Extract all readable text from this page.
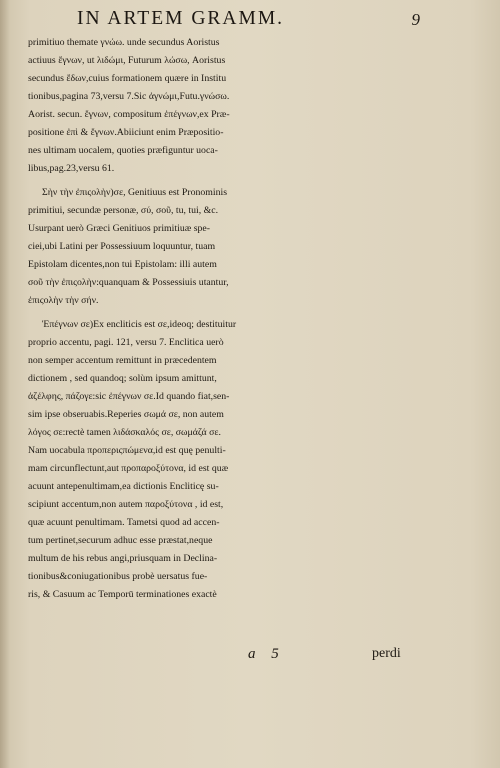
IN ARTEM GRAMM.	9
primitiuo themate γνώω. unde secundus Aoristus
actiuus ἔγνων, ut λιδώμι, Futurum λώσω, Aoristus
secundus ἔδων,cuius formationem quære in Institu
tionibus,pagina 73,versu 7.Sic ἀγνώμι,Futu.γνώσω.
Aorist. secun. ἔγνων, compositum ἐπέγνων,ex Præ-
positione ἐπὶ & ἔγνων.Abiiciunt enim Præpositio-
nes ultimam uocalem, quoties præfiguntur uoca-
libus,pag.23,versu 61.
Σὴν τὴν ἐπιςολὴν)σε, Genitiuus est Pronominis
primitiui, secundæ personæ, σύ, σοῦ, tu, tui, &c.
Usurpant uerò Græci Genitiuos primitiuæ spe-
ciei,ubi Latini per Possessiuum loquuntur, tuam
Epistolam dicentes,non tui Epistolam: illi autem
σοῦ τὴν ἐπιςολὴν:quanquam & Possessiuis utantur,
ἐπιςολὴν τὴν σήν.
Ἐπέγνων σε)Ex encliticis est σε,ideoq; destituitur
proprio accentu, pagi. 121, versu 7. Enclitica uerò
non semper accentum remittunt in præcedentem
dictionem , sed quandoq; solùm ipsum amittunt,
ἀζέλφης, πάζογε:sic ἐπέγνων σε.Id quando fiat,sen-
sim ipse obseruabis.Reperies σωμά σε, non autem
λόγος σε:rectè tamen λιδάσκαλός σε, σωμάζά σε.
Nam uocabula προπεριςπώμενα,id est quę penulti-
mam circunflectunt,aut προπαροξύτονα, id est quæ
acuunt antepenultimam,ea dictionis Encliticę su-
scipiunt accentum,non autem παροξύτονα , id est,
quæ acuunt penultimam. Tametsi quod ad accen-
tum pertinet,securum adhuc esse præstat,neque
multum de his rebus angi,priusquam in Declina-
tionibus&coniugationibus probè uersatus fue-
ris, & Casuum ac Temporū terminationes exactè
a 5	perdi
